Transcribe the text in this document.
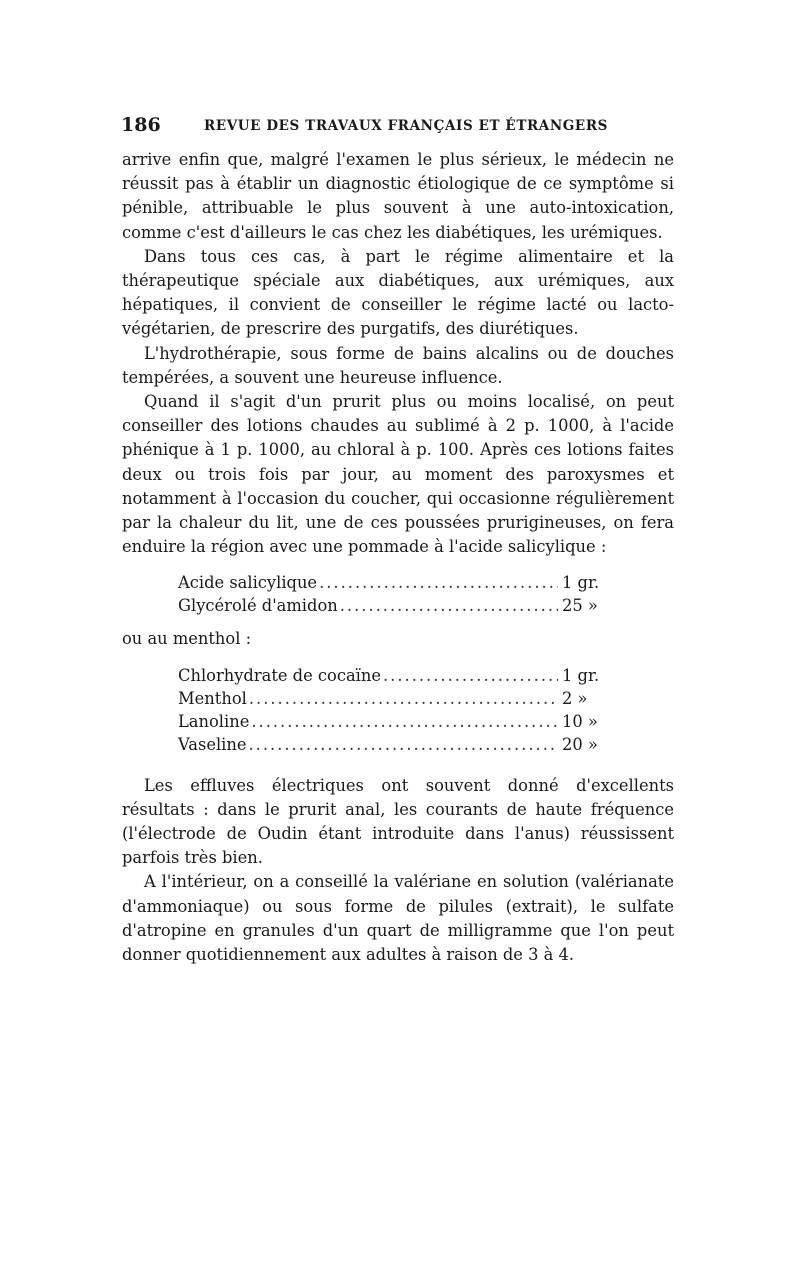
186	REVUE DES TRAVAUX FRANÇAIS ET ÉTRANGERS

arrive enfin que, malgré l'examen le plus sérieux, le médecin ne réussit pas à établir un diagnostic étiologique de ce symptôme si pénible, attribuable le plus souvent à une auto-intoxication, comme c'est d'ailleurs le cas chez les diabétiques, les urémiques.

Dans tous ces cas, à part le régime alimentaire et la thérapeutique spéciale aux diabétiques, aux urémiques, aux hépatiques, il convient de conseiller le régime lacté ou lacto-végétarien, de prescrire des purgatifs, des diurétiques.

L'hydrothérapie, sous forme de bains alcalins ou de douches tempérées, a souvent une heureuse influence.

Quand il s'agit d'un prurit plus ou moins localisé, on peut conseiller des lotions chaudes au sublimé à 2 p. 1000, à l'acide phénique à 1 p. 1000, au chloral à p. 100. Après ces lotions faites deux ou trois fois par jour, au moment des paroxysmes et notamment à l'occasion du coucher, qui occasionne régulièrement par la chaleur du lit, une de ces poussées prurigineuses, on fera enduire la région avec une pommade à l'acide salicylique :

Acide salicylique .....	1 gr.
Glycérolé d'amidon .....	25 »

ou au menthol :

Chlorhydrate de cocaïne .....	1 gr.
Menthol .....	2 »
Lanoline .....	10 »
Vaseline .....	20 »

Les effluves électriques ont souvent donné d'excellents résultats : dans le prurit anal, les courants de haute fréquence (l'électrode de Oudin étant introduite dans l'anus) réussissent parfois très bien.

A l'intérieur, on a conseillé la valériane en solution (valérianate d'ammoniaque) ou sous forme de pilules (extrait), le sulfate d'atropine en granules d'un quart de milligramme que l'on peut donner quotidiennement aux adultes à raison de 3 à 4.
